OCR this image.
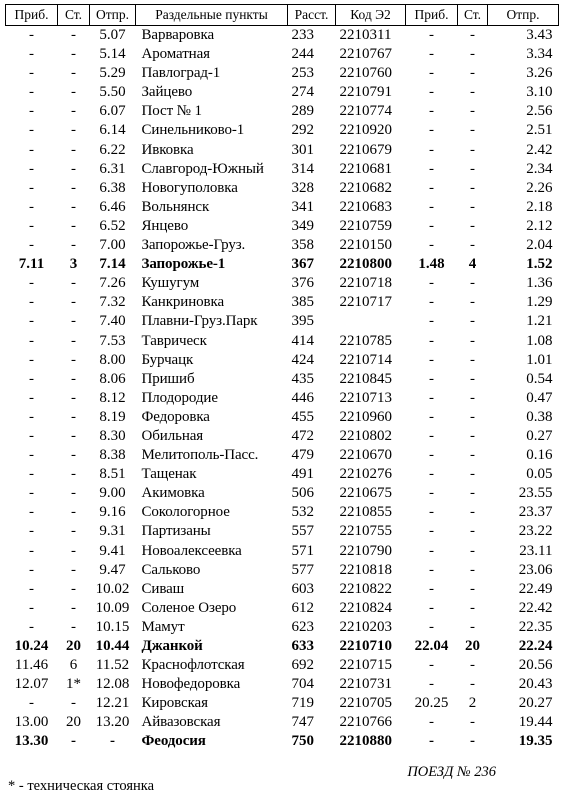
Приб.	Ст.	Отпр.	Раздельные пункты	Расст.	Код Э2	Приб.	Ст.	Отпр.
-	-	5.07	Варваровка	233	2210311	-	-	3.43
-	-	5.14	Ароматная	244	2210767	-	-	3.34
-	-	5.29	Павлоград-1	253	2210760	-	-	3.26
-	-	5.50	Зайцево	274	2210791	-	-	3.10
-	-	6.07	Пост № 1	289	2210774	-	-	2.56
-	-	6.14	Синельниково-1	292	2210920	-	-	2.51
-	-	6.22	Ивковка	301	2210679	-	-	2.42
-	-	6.31	Славгород-Южный	314	2210681	-	-	2.34
-	-	6.38	Новогуполовка	328	2210682	-	-	2.26
-	-	6.46	Вольнянск	341	2210683	-	-	2.18
-	-	6.52	Янцево	349	2210759	-	-	2.12
-	-	7.00	Запорожье-Груз.	358	2210150	-	-	2.04
7.11	3	7.14	Запорожье-1	367	2210800	1.48	4	1.52
-	-	7.26	Кушугум	376	2210718	-	-	1.36
-	-	7.32	Канкриновка	385	2210717	-	-	1.29
-	-	7.40	Плавни-Груз.Парк	395		-	-	1.21
-	-	7.53	Тавричеcк	414	2210785	-	-	1.08
-	-	8.00	Бурчацк	424	2210714	-	-	1.01
-	-	8.06	Пришиб	435	2210845	-	-	0.54
-	-	8.12	Плодородие	446	2210713	-	-	0.47
-	-	8.19	Федоровка	455	2210960	-	-	0.38
-	-	8.30	Обильная	472	2210802	-	-	0.27
-	-	8.38	Мелитополь-Пасс.	479	2210670	-	-	0.16
-	-	8.51	Тащенак	491	2210276	-	-	0.05
-	-	9.00	Акимовка	506	2210675	-	-	23.55
-	-	9.16	Сокологорное	532	2210855	-	-	23.37
-	-	9.31	Партизаны	557	2210755	-	-	23.22
-	-	9.41	Новоалексеевка	571	2210790	-	-	23.11
-	-	9.47	Сальково	577	2210818	-	-	23.06
-	-	10.02	Сиваш	603	2210822	-	-	22.49
-	-	10.09	Соленое Озеро	612	2210824	-	-	22.42
-	-	10.15	Мамут	623	2210203	-	-	22.35
10.24	20	10.44	Джанкой	633	2210710	22.04	20	22.24
11.46	6	11.52	Краснофлотская	692	2210715	-	-	20.56
12.07	1*	12.08	Новофедоровка	704	2210731	-	-	20.43
-	-	12.21	Кировская	719	2210705	20.25	2	20.27
13.00	20	13.20	Айвазовская	747	2210766	-	-	19.44
13.30	-	-	Феодосия	750	2210880	-	-	19.35
ПОЕЗД № 236
* - техническая стоянка
